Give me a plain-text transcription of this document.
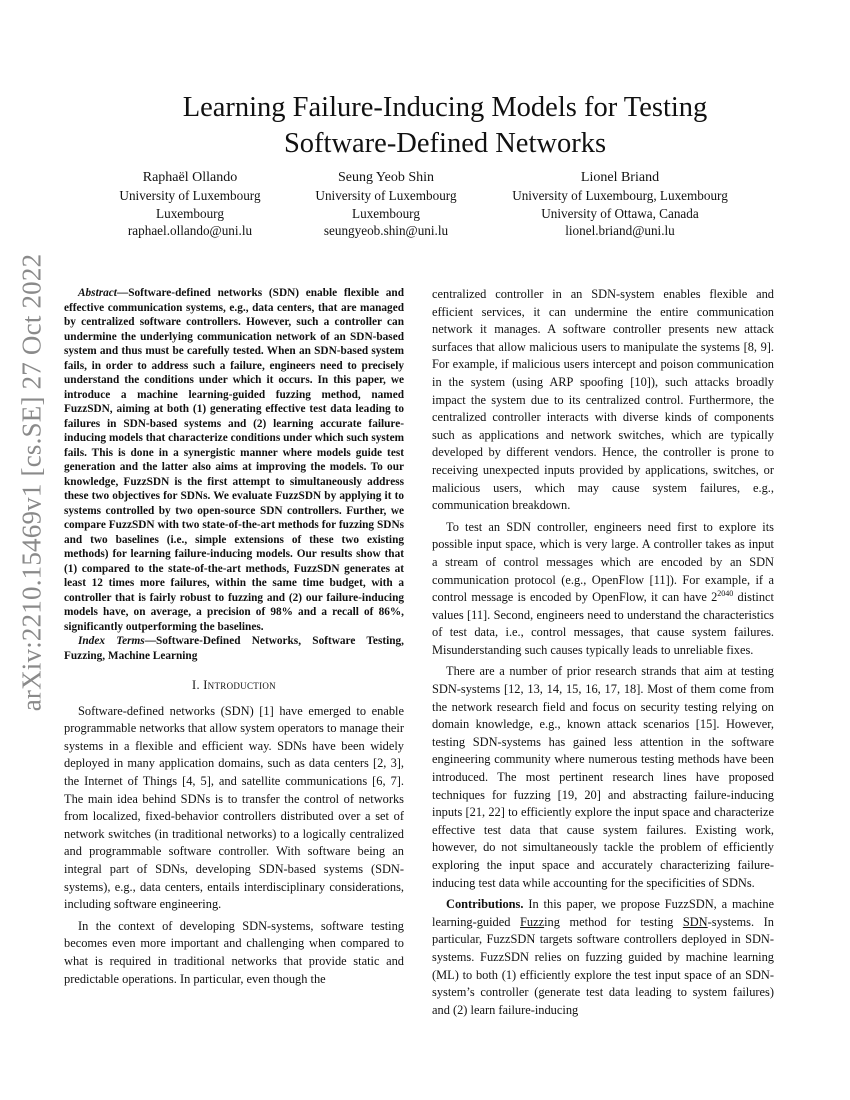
arXiv:2210.15469v1 [cs.SE] 27 Oct 2022
Learning Failure-Inducing Models for Testing
Software-Defined Networks
Raphaël Ollando
University of Luxembourg
Luxembourg
raphael.ollando@uni.lu
Seung Yeob Shin
University of Luxembourg
Luxembourg
seungyeob.shin@uni.lu
Lionel Briand
University of Luxembourg, Luxembourg
University of Ottawa, Canada
lionel.briand@uni.lu

Abstract—Software-defined networks (SDN) enable flexible and effective communication systems, e.g., data centers, that are managed by centralized software controllers. However, such a controller can undermine the underlying communication network of an SDN-based system and thus must be carefully tested. When an SDN-based system fails, in order to address such a failure, engineers need to precisely understand the conditions under which it occurs. In this paper, we introduce a machine learning-guided fuzzing method, named FuzzSDN, aiming at both (1) generating effective test data leading to failures in SDN-based systems and (2) learning accurate failure-inducing models that characterize conditions under which such system fails. This is done in a synergistic manner where models guide test generation and the latter also aims at improving the models. To our knowledge, FuzzSDN is the first attempt to simultaneously address these two objectives for SDNs. We evaluate FuzzSDN by applying it to systems controlled by two open-source SDN controllers. Further, we compare FuzzSDN with two state-of-the-art methods for fuzzing SDNs and two baselines (i.e., simple extensions of these two existing methods) for learning failure-inducing models. Our results show that (1) compared to the state-of-the-art methods, FuzzSDN generates at least 12 times more failures, within the same time budget, with a controller that is fairly robust to fuzzing and (2) our failure-inducing models have, on average, a precision of 98% and a recall of 86%, significantly outperforming the baselines.

Index Terms—Software-Defined Networks, Software Testing, Fuzzing, Machine Learning

I. Introduction

Software-defined networks (SDN) [1] have emerged to enable programmable networks that allow system operators to manage their systems in a flexible and efficient way. SDNs have been widely deployed in many application domains, such as data centers [2, 3], the Internet of Things [4, 5], and satellite communications [6, 7]. The main idea behind SDNs is to transfer the control of networks from localized, fixed-behavior controllers distributed over a set of network switches (in traditional networks) to a logically centralized and programmable software controller. With software being an integral part of SDNs, developing SDN-based systems (SDN-systems), e.g., data centers, entails interdisciplinary considerations, including software engineering.

In the context of developing SDN-systems, software testing becomes even more important and challenging when compared to what is required in traditional networks that provide static and predictable operations. In particular, even though the

centralized controller in an SDN-system enables flexible and efficient services, it can undermine the entire communication network it manages. A software controller presents new attack surfaces that allow malicious users to manipulate the systems [8, 9]. For example, if malicious users intercept and poison communication in the system (using ARP spoofing [10]), such attacks broadly impact the system due to its centralized control. Furthermore, the centralized controller interacts with diverse kinds of components such as applications and network switches, which are typically developed by different vendors. Hence, the controller is prone to receiving unexpected inputs provided by applications, switches, or malicious users, which may cause system failures, e.g., communication breakdown.

To test an SDN controller, engineers need first to explore its possible input space, which is very large. A controller takes as input a stream of control messages which are encoded by an SDN communication protocol (e.g., OpenFlow [11]). For example, if a control message is encoded by OpenFlow, it can have $2^{2040}$ distinct values [11]. Second, engineers need to understand the characteristics of test data, i.e., control messages, that cause system failures. Misunderstanding such causes typically leads to unreliable fixes.

There are a number of prior research strands that aim at testing SDN-systems [12, 13, 14, 15, 16, 17, 18]. Most of them come from the network research field and focus on security testing relying on domain knowledge, e.g., known attack scenarios [15]. However, testing SDN-systems has gained less attention in the software engineering community where numerous testing methods have been introduced. The most pertinent research lines have proposed techniques for fuzzing [19, 20] and abstracting failure-inducing inputs [21, 22] to efficiently explore the input space and characterize effective test data that cause system failures. Existing work, however, do not simultaneously tackle the problem of efficiently exploring the input space and accurately characterizing failure-inducing test data while accounting for the specificities of SDNs.

Contributions. In this paper, we propose FuzzSDN, a machine learning-guided Fuzzing method for testing SDN-systems. In particular, FuzzSDN targets software controllers deployed in SDN-systems. FuzzSDN relies on fuzzing guided by machine learning (ML) to both (1) efficiently explore the test input space of an SDN-system’s controller (generate test data leading to system failures) and (2) learn failure-inducing
